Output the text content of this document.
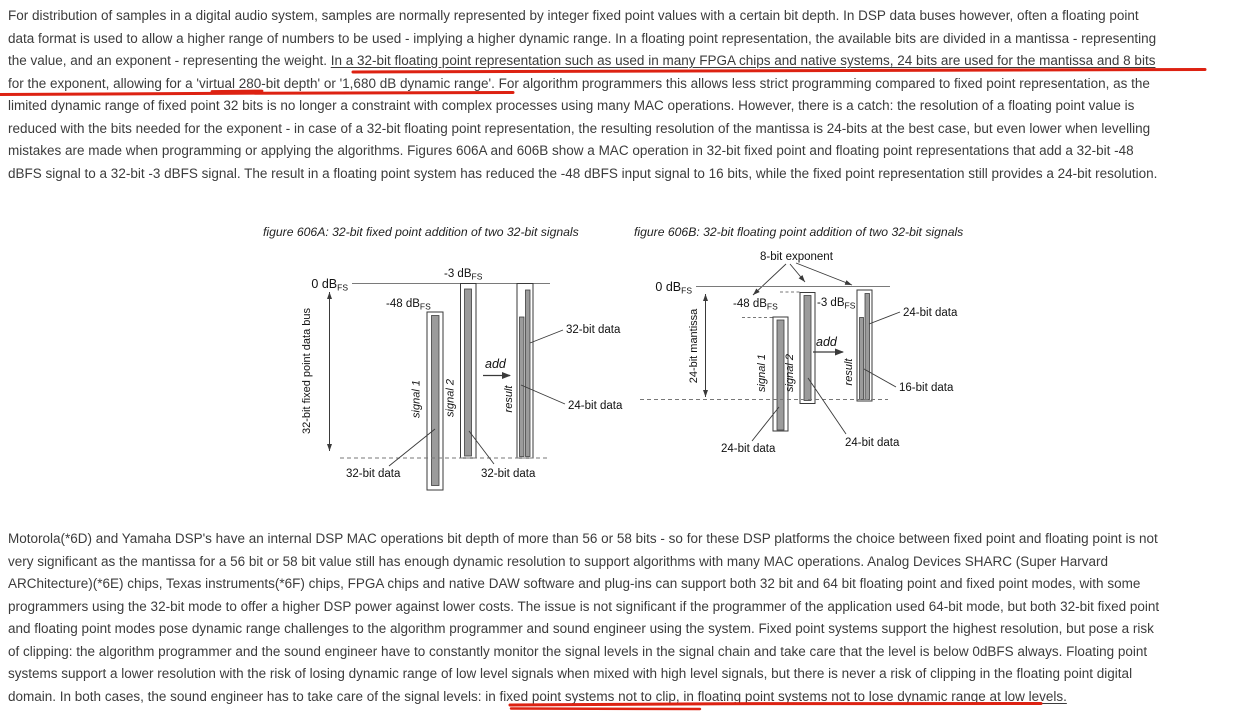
For distribution of samples in a digital audio system, samples are normally represented by integer fixed point values with a certain bit depth. In DSP data buses however, often a floating point
data format is used to allow a higher range of numbers to be used - implying a higher dynamic range. In a floating point representation, the available bits are divided in a mantissa - representing
the value, and an exponent - representing the weight. In a 32-bit floating point representation such as used in many FPGA chips and native systems, 24 bits are used for the mantissa and 8 bits
for the exponent, allowing for a 'virtual 280-bit depth' or '1,680 dB dynamic range'. For algorithm programmers this allows less strict programming compared to fixed point representation, as the
limited dynamic range of fixed point 32 bits is no longer a constraint with complex processes using many MAC operations. However, there is a catch: the resolution of a floating point value is
reduced with the bits needed for the exponent - in case of a 32-bit floating point representation, the resulting resolution of the mantissa is 24-bits at the best case, but even lower when levelling
mistakes are made when programming or applying the algorithms. Figures 606A and 606B show a MAC operation in 32-bit fixed point and floating point representations that add a 32-bit -48
dBFS signal to a 32-bit -3 dBFS signal. The result in a floating point system has reduced the -48 dBFS input signal to 16 bits, while the fixed point representation still provides a 24-bit resolution.
Motorola(*6D) and Yamaha DSP's have an internal DSP MAC operations bit depth of more than 56 or 58 bits - so for these DSP platforms the choice between fixed point and floating point is not
very significant as the mantissa for a 56 bit or 58 bit value still has enough dynamic resolution to support algorithms with many MAC operations. Analog Devices SHARC (Super Harvard
ARChitecture)(*6E) chips, Texas instruments(*6F) chips, FPGA chips and native DAW software and plug-ins can support both 32 bit and 64 bit floating point and fixed point modes, with some
programmers using the 32-bit mode to offer a higher DSP power against lower costs. The issue is not significant if the programmer of the application used 64-bit mode, but both 32-bit fixed point
and floating point modes pose dynamic range challenges to the algorithm programmer and sound engineer using the system. Fixed point systems support the highest resolution, but pose a risk
of clipping: the algorithm programmer and the sound engineer have to constantly monitor the signal levels in the signal chain and take care that the level is below 0dBFS always. Floating point
systems support a lower resolution with the risk of losing dynamic range of low level signals when mixed with high level signals, but there is never a risk of clipping in the floating point digital
domain. In both cases, the sound engineer has to take care of the signal levels: in fixed point systems not to clip, in floating point systems not to lose dynamic range at low levels.
figure 606A: 32-bit fixed point addition of two 32-bit signals
0 $dB_{FS}$
-3 $dB_{FS}$
-48 $dB_{FS}$
32-bit fixed point data bus	signal 1 signal 2
add
result
32-bit data
24-bit data
32-bit data	32-bit data
figure 606B: 32-bit floating point addition of two 32-bit signals
8-bit exponent
0 $dB_{FS}$
24-bit mantissa
-48 $dB_{FS}$
signal 1 signal 2
-3 $dB_{FS}$
add
result
24-bit data
16-bit data
24-bit data	24-bit data
